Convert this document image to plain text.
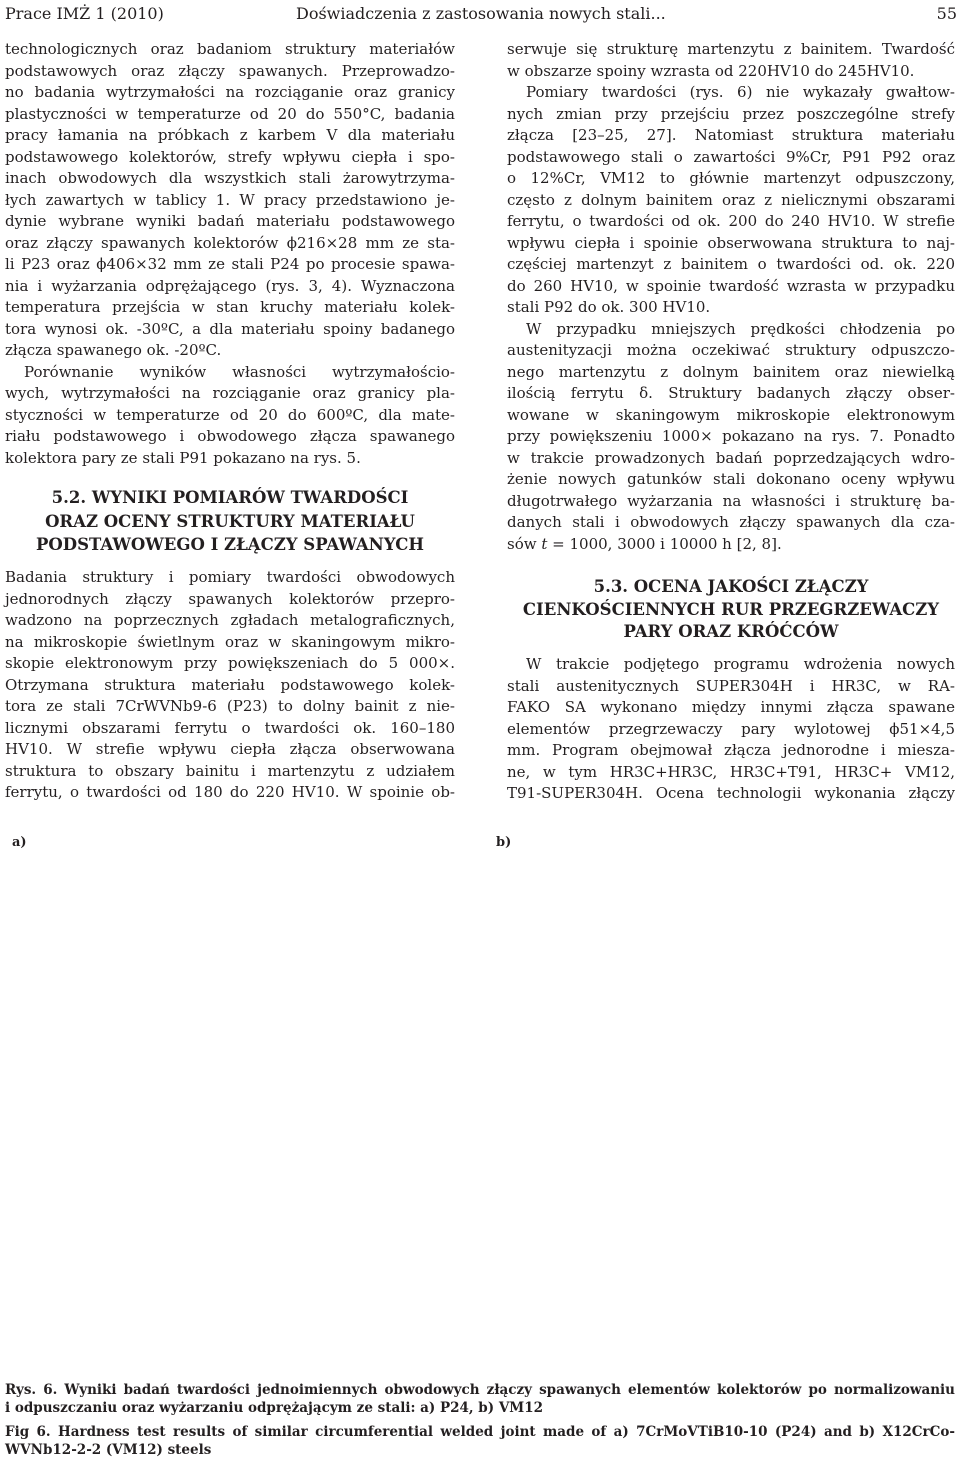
Prace IMŻ 1 (2010)	Doświadczenia z zastosowania nowych stali...	55
technologicznych oraz badaniom struktury materiałów
podstawowych oraz złączy spawanych. Przeprowadzo-
no badania wytrzymałości na rozciąganie oraz granicy
plastyczności w temperaturze od 20 do 550°C, badania
pracy łamania na próbkach z karbem V dla materiału
podstawowego kolektorów, strefy wpływu ciepła i spo-
inach obwodowych dla wszystkich stali żarowytrzyma-
łych zawartych w tablicy 1. W pracy przedstawiono je-
dynie wybrane wyniki badań materiału podstawowego
oraz złączy spawanych kolektorów ϕ216×28 mm ze sta-
li P23 oraz ϕ406×32 mm ze stali P24 po procesie spawa-
nia i wyżarzania odprężającego (rys. 3, 4). Wyznaczona
temperatura przejścia w stan kruchy materiału kolek-
tora wynosi ok. -30ºC, a dla materiału spoiny badanego
złącza spawanego ok. -20ºC.
Porównanie wyników własności wytrzymałościo-
wych, wytrzymałości na rozciąganie oraz granicy pla-
styczności w temperaturze od 20 do 600ºC, dla mate-
riału podstawowego i obwodowego złącza spawanego
kolektora pary ze stali P91 pokazano na rys. 5.
5.2. WYNIKI POMIARÓW TWARDOŚCI
ORAZ OCENY STRUKTURY MATERIAŁU
PODSTAWOWEGO I ZŁĄCZY SPAWANYCH
Badania struktury i pomiary twardości obwodowych
jednorodnych złączy spawanych kolektorów przepro-
wadzono na poprzecznych zgładach metalograficznych,
na mikroskopie świetlnym oraz w skaningowym mikro-
skopie elektronowym przy powiększeniach do 5 000×.
Otrzymana struktura materiału podstawowego kolek-
tora ze stali 7CrWVNb9-6 (P23) to dolny bainit z nie-
licznymi obszarami ferrytu o twardości ok. 160–180
HV10. W strefie wpływu ciepła złącza obserwowana
struktura to obszary bainitu i martenzytu z udziałem
ferrytu, o twardości od 180 do 220 HV10. W spoinie ob-
serwuje się strukturę martenzytu z bainitem. Twardość
w obszarze spoiny wzrasta od 220HV10 do 245HV10.
Pomiary twardości (rys. 6) nie wykazały gwałtow-
nych zmian przy przejściu przez poszczególne strefy
złącza [23–25, 27]. Natomiast struktura materiału
podstawowego stali o zawartości 9%Cr, P91 P92 oraz
o 12%Cr, VM12 to głównie martenzyt odpuszczony,
często z dolnym bainitem oraz z nielicznymi obszarami
ferrytu, o twardości od ok. 200 do 240 HV10. W strefie
wpływu ciepła i spoinie obserwowana struktura to naj-
częściej martenzyt z bainitem o twardości od. ok. 220
do 260 HV10, w spoinie twardość wzrasta w przypadku
stali P92 do ok. 300 HV10.
W przypadku mniejszych prędkości chłodzenia po
austenityzacji można oczekiwać struktury odpuszczo-
nego martenzytu z dolnym bainitem oraz niewielką
ilością ferrytu δ. Struktury badanych złączy obser-
wowane w skaningowym mikroskopie elektronowym
przy powiększeniu 1000× pokazano na rys. 7. Ponadto
w trakcie prowadzonych badań poprzedzających wdro-
żenie nowych gatunków stali dokonano oceny wpływu
długotrwałego wyżarzania na własności i strukturę ba-
danych stali i obwodowych złączy spawanych dla cza-
sów t = 1000, 3000 i 10000 h [2, 8].
5.3. OCENA JAKOŚCI ZŁĄCZY
CIENKOŚCIENNYCH RUR PRZEGRZEWACZY
PARY ORAZ KRÓĆCÓW
W trakcie podjętego programu wdrożenia nowych
stali austenitycznych SUPER304H i HR3C, w RA-
FAKO SA wykonano między innymi złącza spawane
elementów przegrzewaczy pary wylotowej ϕ51×4,5
mm. Program obejmował złącza jednorodne i miesza-
ne, w tym HR3C+HR3C, HR3C+T91, HR3C+ VM12,
T91-SUPER304H. Ocena technologii wykonania złączy
a)	b)
Rys. 6. Wyniki badań twardości jednoimiennych obwodowych złączy spawanych elementów kolektorów po normalizowaniu
i odpuszczaniu oraz wyżarzaniu odprężającym ze stali: a) P24, b) VM12
Fig 6. Hardness test results of similar circumferential welded joint made of a) 7CrMoVTiB10-10 (P24) and b) X12CrCo-
WVNb12-2-2 (VM12) steels
